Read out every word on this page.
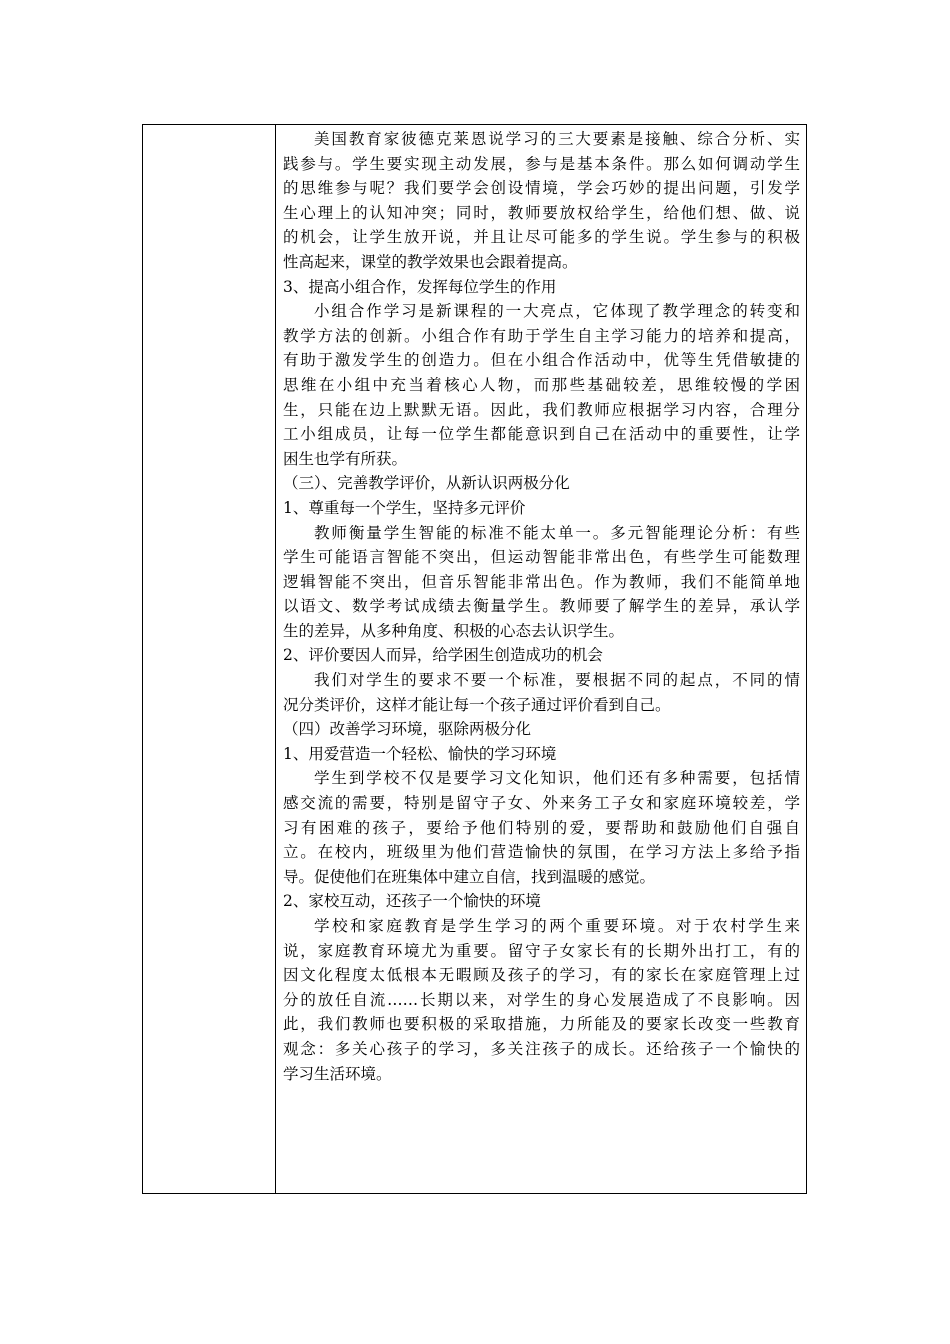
美国教育家彼德克莱恩说学习的三大要素是接触、综合分析、实

践参与。学生要实现主动发展，参与是基本条件。那么如何调动学生

的思维参与呢？我们要学会创设情境，学会巧妙的提出问题，引发学

生心理上的认知冲突；同时，教师要放权给学生，给他们想、做、说

的机会，让学生放开说，并且让尽可能多的学生说。学生参与的积极

性高起来，课堂的教学效果也会跟着提高。

3、提高小组合作，发挥每位学生的作用

小组合作学习是新课程的一大亮点，它体现了教学理念的转变和

教学方法的创新。小组合作有助于学生自主学习能力的培养和提高，

有助于激发学生的创造力。但在小组合作活动中，优等生凭借敏捷的

思维在小组中充当着核心人物，而那些基础较差，思维较慢的学困

生，只能在边上默默无语。因此，我们教师应根据学习内容，合理分

工小组成员，让每一位学生都能意识到自己在活动中的重要性，让学

困生也学有所获。

（三）、完善教学评价，从新认识两极分化

1、尊重每一个学生，坚持多元评价

教师衡量学生智能的标准不能太单一。多元智能理论分析：有些

学生可能语言智能不突出，但运动智能非常出色，有些学生可能数理

逻辑智能不突出，但音乐智能非常出色。作为教师，我们不能简单地

以语文、数学考试成绩去衡量学生。教师要了解学生的差异，承认学

生的差异，从多种角度、积极的心态去认识学生。

2、评价要因人而异，给学困生创造成功的机会

我们对学生的要求不要一个标准，要根据不同的起点，不同的情

况分类评价，这样才能让每一个孩子通过评价看到自己。

（四）改善学习环境，驱除两极分化

1、用爱营造一个轻松、愉快的学习环境

学生到学校不仅是要学习文化知识，他们还有多种需要，包括情

感交流的需要，特别是留守子女、外来务工子女和家庭环境较差，学

习有困难的孩子，要给予他们特别的爱，要帮助和鼓励他们自强自

立。在校内，班级里为他们营造愉快的氛围，在学习方法上多给予指

导。促使他们在班集体中建立自信，找到温暖的感觉。

2、家校互动，还孩子一个愉快的环境

学校和家庭教育是学生学习的两个重要环境。对于农村学生来

说，家庭教育环境尤为重要。留守子女家长有的长期外出打工，有的

因文化程度太低根本无暇顾及孩子的学习，有的家长在家庭管理上过

分的放任自流……长期以来，对学生的身心发展造成了不良影响。因

此，我们教师也要积极的采取措施，力所能及的要家长改变一些教育

观念：多关心孩子的学习，多关注孩子的成长。还给孩子一个愉快的

学习生活环境。
